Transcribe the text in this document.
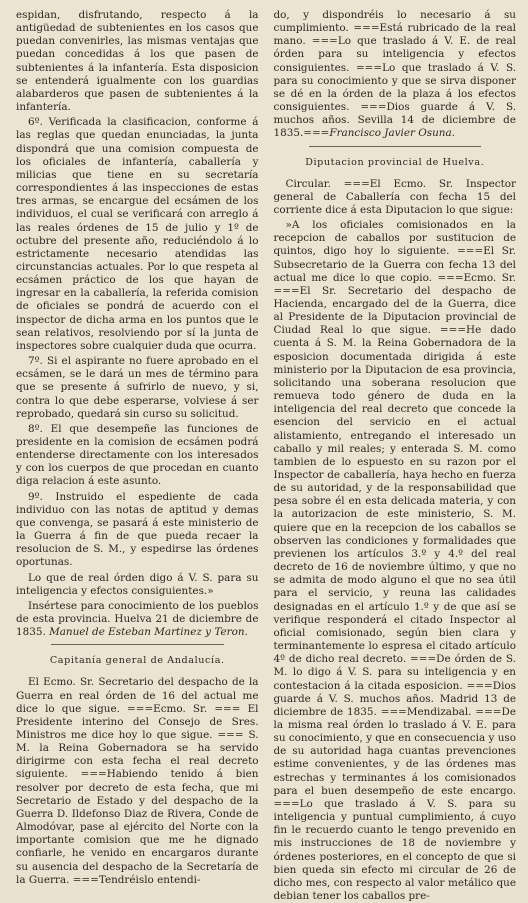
espidan, disfrutando, respecto á la antigüedad de subtenientes en los casos que puedan convenirles, las mismas ventajas que puedan concedidas á los que pasen de subtenientes á la infantería. Esta disposicion se entenderá igualmente con los guardias alabarderos que pasen de subtenientes á la infantería.

6º. Verificada la clasificacion, conforme á las reglas que quedan enunciadas, la junta dispondrá que una comision compuesta de los oficiales de infantería, caballería y milicias que tiene en su secretaría correspondientes á las inspecciones de estas tres armas, se encargue del ecsámen de los individuos, el cual se verificará con arreglo á las reales órdenes de 15 de julio y 1º de octubre del presente año, reduciéndolo á lo estrictamente necesario atendidas las circunstancias actuales. Por lo que respeta al ecsámen práctico de los que hayan de ingresar en la caballería, la referida comision de oficiales se pondrá de acuerdo con el inspector de dicha arma en los puntos que le sean relativos, resolviendo por sí la junta de inspectores sobre cualquier duda que ocurra.

7º. Si el aspirante no fuere aprobado en el ecsámen, se le dará un mes de término para que se presente á sufrirlo de nuevo, y si, contra lo que debe esperarse, volviese á ser reprobado, quedará sin curso su solicitud.

8º. El que desempeñe las funciones de presidente en la comision de ecsámen podrá entenderse directamente con los interesados y con los cuerpos de que procedan en cuanto diga relacion á este asunto.

9º. Instruido el espediente de cada individuo con las notas de aptitud y demas que convenga, se pasará á este ministerio de la Guerra á fin de que pueda recaer la resolucion de S. M., y espedirse las órdenes oportunas.

Lo que de real órden digo á V. S. para su inteligencia y efectos consiguientes.»

Insértese para conocimiento de los pueblos de esta provincia. Huelva 21 de diciembre de 1835. Manuel de Esteban Martinez y Teron.

Capitanía general de Andalucía.

El Ecmo. Sr. Secretario del despacho de la Guerra en real órden de 16 del actual me dice lo que sigue. ===Ecmo. Sr. === El Presidente interino del Consejo de Sres. Ministros me dice hoy lo que sigue. === S. M. la Reina Gobernadora se ha servido dirigirme con esta fecha el real decreto siguiente. ===Habiendo tenido á bien resolver por decreto de esta fecha, que mi Secretario de Estado y del despacho de la Guerra D. Ildefonso Diaz de Rivera, Conde de Almodóvar, pase al ejército del Norte con la importante comision que me he dignado confiarle, he venido en encargaros durante su ausencia del despacho de la Secretaría de la Guerra. ===Tendréislo entendi-

do, y dispondréis lo necesario á su cumplimiento. ===Está rubricado de la real mano. ===Lo que traslado á V. E. de real órden para su inteligencia y efectos consiguientes. ===Lo que traslado á V. S. para su conocimiento y que se sirva disponer se dé en la órden de la plaza á los efectos consiguientes. ===Dios guarde á V. S. muchos años. Sevilla 14 de diciembre de 1835.===Francisco Javier Osuna.

Diputacion provincial de Huelva.

Circular. ===El Ecmo. Sr. Inspector general de Caballería con fecha 15 del corriente dice á esta Diputacion lo que sigue:

»A los oficiales comisionados en la recepcion de caballos por sustitucion de quintos, digo hoy lo siguiente. ===El Sr. Subsecretario de la Guerra con fecha 13 del actual me dice lo que copio. ===Ecmo. Sr. ===El Sr. Secretario del despacho de Hacienda, encargado del de la Guerra, dice al Presidente de la Diputacion provincial de Ciudad Real lo que sigue. ===He dado cuenta á S. M. la Reina Gobernadora de la esposicion documentada dirigida á este ministerio por la Diputacion de esa provincia, solicitando una soberana resolucion que remueva todo género de duda en la inteligencia del real decreto que concede la esencion del servicio en el actual alistamiento, entregando el interesado un caballo y mil reales; y enterada S. M. como tambien de lo espuesto en su razon por el Inspector de caballería, haya hecho en fuerza de su autoridad, y de la responsabilidad que pesa sobre él en esta delicada materia, y con la autorizacion de este ministerio, S. M. quiere que en la recepcion de los caballos se observen las condiciones y formalidades que previenen los artículos 3.º y 4.º del real decreto de 16 de noviembre último, y que no se admita de modo alguno el que no sea útil para el servicio, y reuna las calidades designadas en el artículo 1.º y de que así se verifique responderá el citado Inspector al oficial comisionado, según bien clara y terminantemente lo espresa el citado artículo 4º de dicho real decreto. ===De órden de S. M. lo digo á V. S. para su inteligencia y en contestacion á la citada esposicion. ===Dios guarde á V. S. muchos años. Madrid 13 de diciembre de 1835. ===Mendizabal. ===De la misma real órden lo traslado á V. E. para su conocimiento, y que en consecuencia y uso de su autoridad haga cuantas prevenciones estime convenientes, y de las órdenes mas estrechas y terminantes á los comisionados para el buen desempeño de este encargo. ===Lo que traslado á V. S. para su inteligencia y puntual cumplimiento, á cuyo fin le recuerdo cuanto le tengo prevenido en mis instrucciones de 18 de noviembre y órdenes posteriores, en el concepto de que si bien queda sin efecto mi circular de 26 de dicho mes, con respecto al valor metálico que debian tener los caballos pre-
